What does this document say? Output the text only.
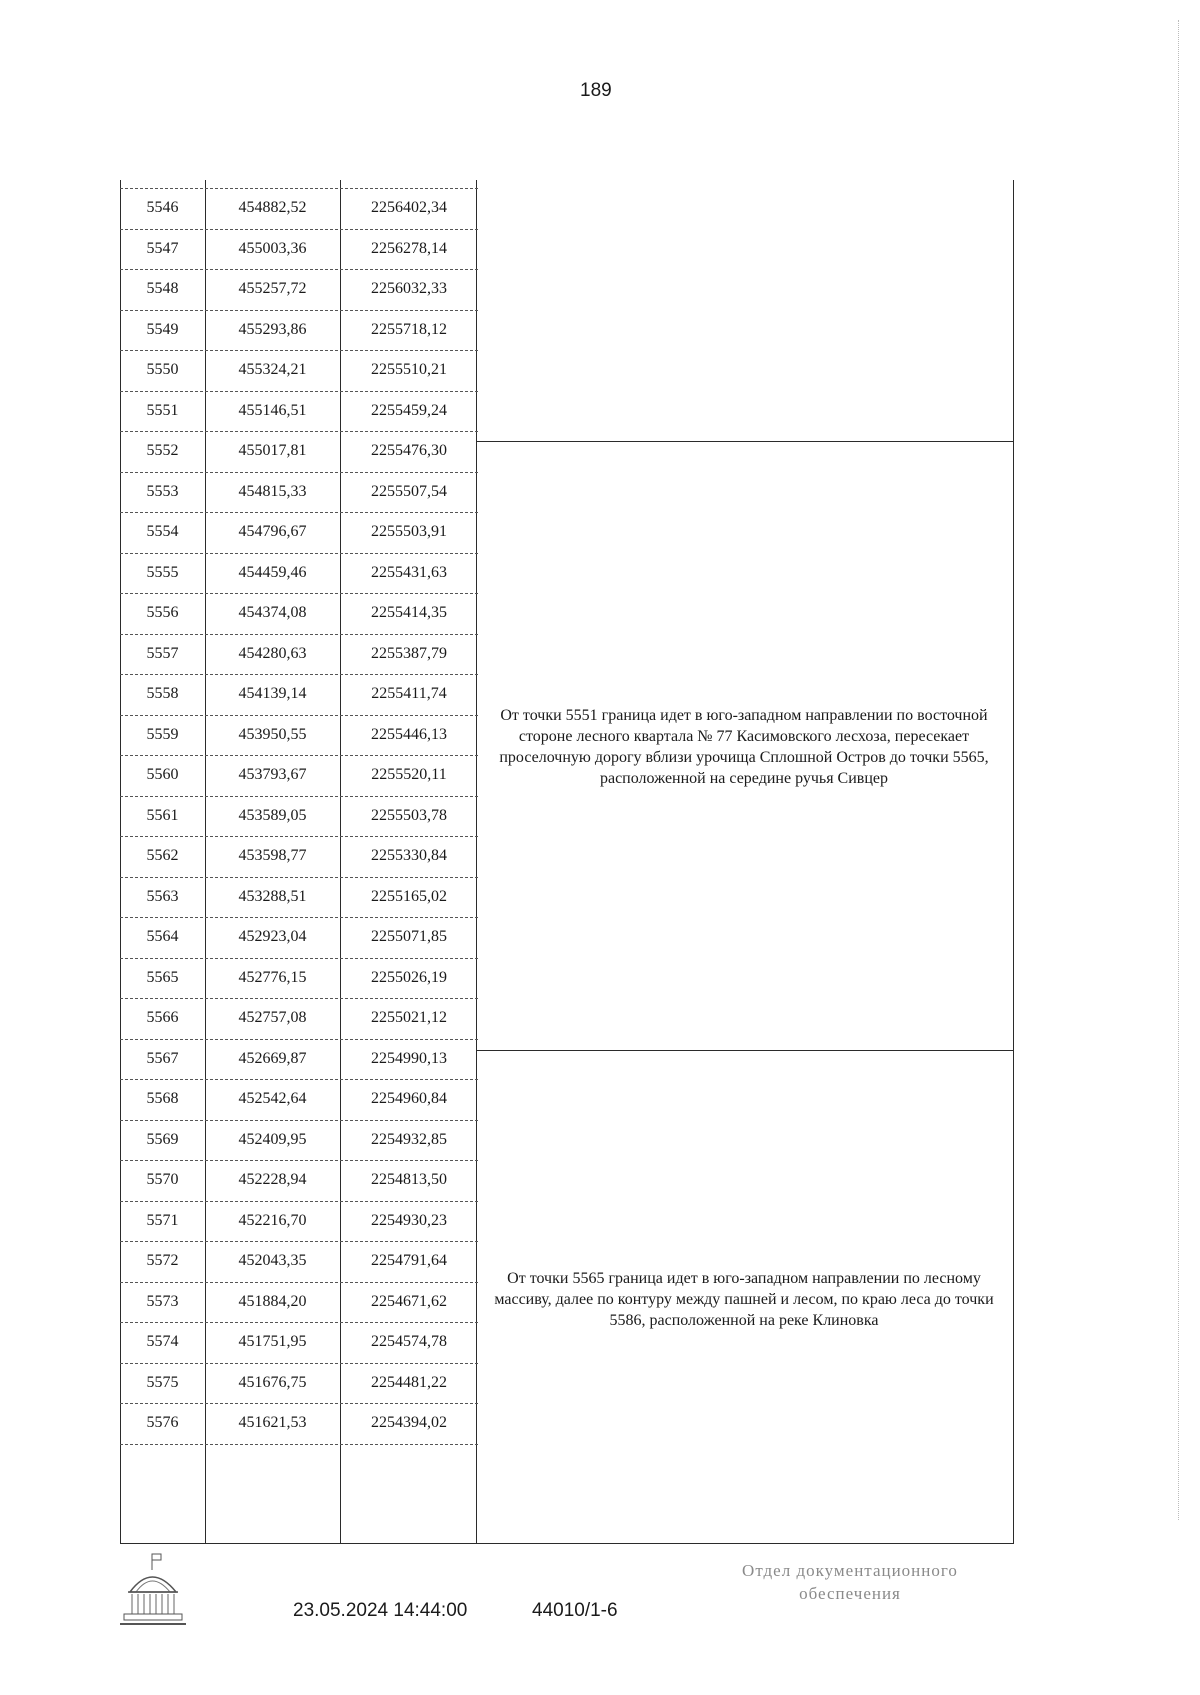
189
5546	454882,52	2256402,34
5547	455003,36	2256278,14
5548	455257,72	2256032,33
5549	455293,86	2255718,12
5550	455324,21	2255510,21
5551	455146,51	2255459,24
5552	455017,81	2255476,30
5553	454815,33	2255507,54
5554	454796,67	2255503,91
5555	454459,46	2255431,63
5556	454374,08	2255414,35
5557	454280,63	2255387,79
5558	454139,14	2255411,74
5559	453950,55	2255446,13
5560	453793,67	2255520,11
5561	453589,05	2255503,78
5562	453598,77	2255330,84
5563	453288,51	2255165,02
5564	452923,04	2255071,85
5565	452776,15	2255026,19
5566	452757,08	2255021,12
5567	452669,87	2254990,13
5568	452542,64	2254960,84
5569	452409,95	2254932,85
5570	452228,94	2254813,50
5571	452216,70	2254930,23
5572	452043,35	2254791,64
5573	451884,20	2254671,62
5574	451751,95	2254574,78
5575	451676,75	2254481,22
5576	451621,53	2254394,02
От точки 5551 граница идет в юго-западном направлении по восточной стороне лесного квартала № 77 Касимовского лесхоза, пересекает проселочную дорогу вблизи урочища Сплошной Остров до точки 5565, расположенной на середине ручья Сивцер
От точки 5565 граница идет в юго-западном направлении по лесному массиву, далее по контуру между пашней и лесом, по краю леса до точки 5586, расположенной на реке Клиновка
23.05.2024 14:44:00	44010/1-6
Отдел документационного
обеспечения
